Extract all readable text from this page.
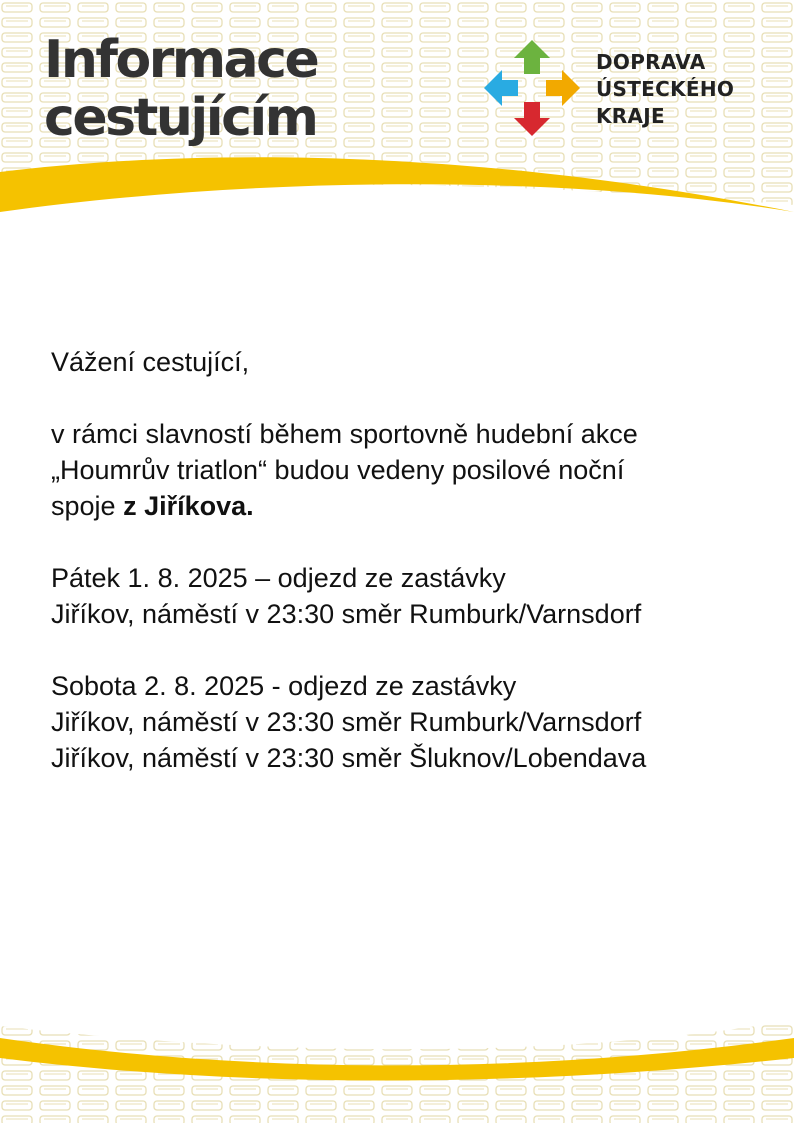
Informace
cestujícím
DOPRAVA
ÚSTECKÉHO
KRAJE

Vážení cestující,

v rámci slavností během sportovně hudební akce
„Houmrův triatlon“ budou vedeny posilové noční
spoje z Jiříkova.

Pátek 1. 8. 2025 – odjezd ze zastávky
Jiříkov, náměstí v 23:30 směr Rumburk/Varnsdorf

Sobota 2. 8. 2025 - odjezd ze zastávky
Jiříkov, náměstí v 23:30 směr Rumburk/Varnsdorf
Jiříkov, náměstí v 23:30 směr Šluknov/Lobendava
